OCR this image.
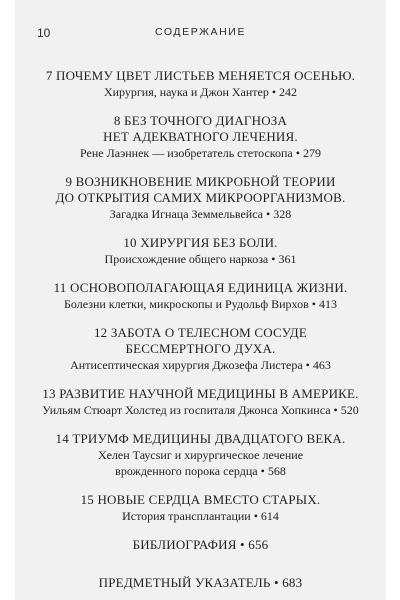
10	СОДЕРЖАНИЕ
7 ПОЧЕМУ ЦВЕТ ЛИСТЬЕВ МЕНЯЕТСЯ ОСЕНЬЮ.
Хирургия, наука и Джон Хантер • 242
8 БЕЗ ТОЧНОГО ДИАГНОЗА
НЕТ АДЕКВАТНОГО ЛЕЧЕНИЯ.
Рене Лаэннек — изобретатель стетоскопа • 279
9 ВОЗНИКНОВЕНИЕ МИКРОБНОЙ ТЕОРИИ
ДО ОТКРЫТИЯ САМИХ МИКРООРГАНИЗМОВ.
Загадка Игнаца Земмельвейса • 328
10 ХИРУРГИЯ БЕЗ БОЛИ.
Происхождение общего наркоза • 361
11 ОСНОВОПОЛАГАЮЩАЯ ЕДИНИЦА ЖИЗНИ.
Болезни клетки, микроскопы и Рудольф Вирхов • 413
12 ЗАБОТА О ТЕЛЕСНОМ СОСУДЕ
БЕССМЕРТНОГО ДУХА.
Антисептическая хирургия Джозефа Листера • 463
13 РАЗВИТИЕ НАУЧНОЙ МЕДИЦИНЫ В АМЕРИКЕ.
Уильям Стюарт Холстед из госпиталя Джонса Хопкинса • 520
14 ТРИУМФ МЕДИЦИНЫ ДВАДЦАТОГО ВЕКА.
Хелен Таусsиг и хирургическое лечение
врожденного порока сердца • 568
15 НОВЫЕ СЕРДЦА ВМЕСТО СТАРЫХ.
История трансплантации • 614
БИБЛИОГРАФИЯ • 656
ПРЕДМЕТНЫЙ УКАЗАТЕЛЬ • 683
